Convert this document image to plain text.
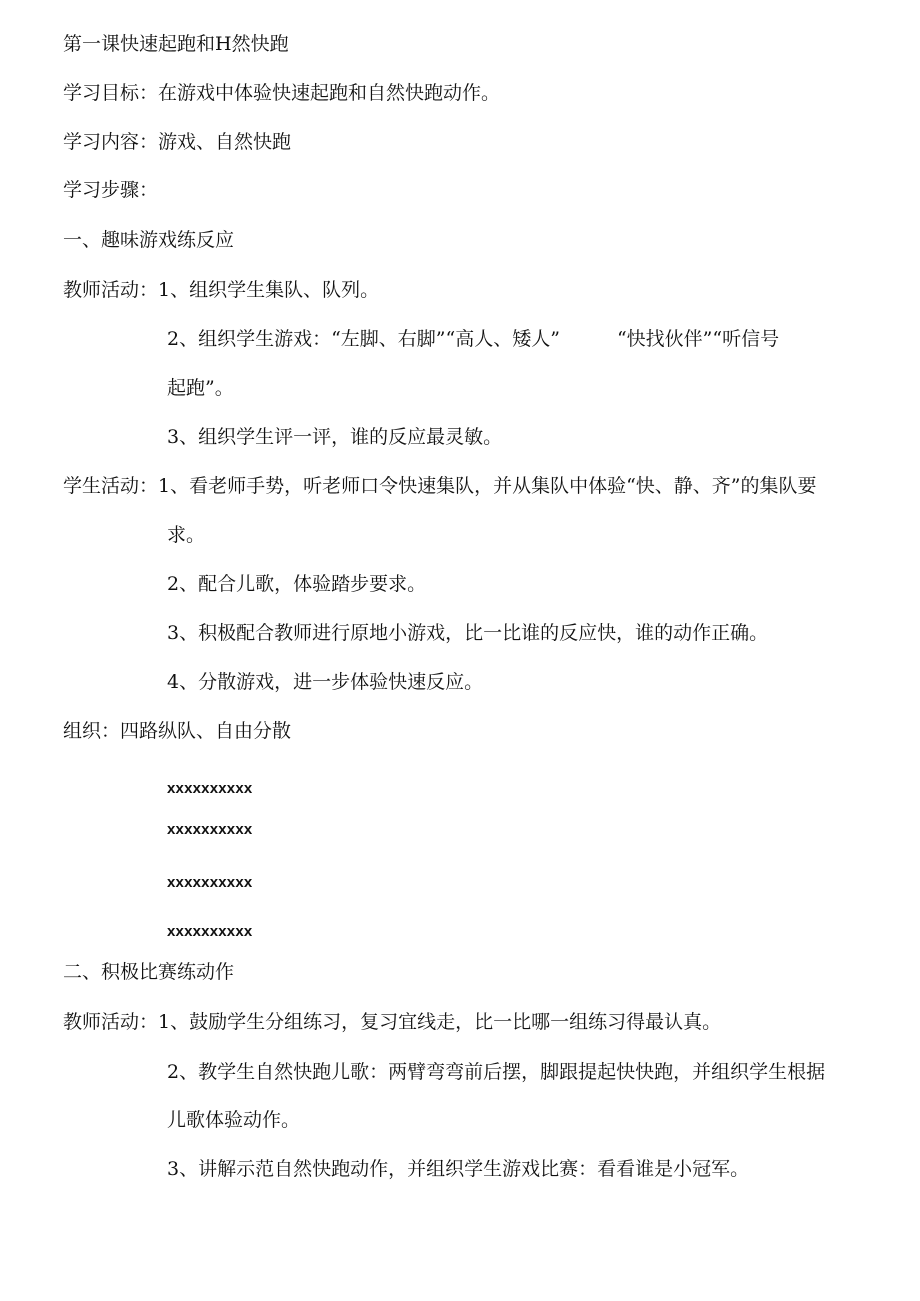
第一课快速起跑和H然快跑
学习目标：在游戏中体验快速起跑和自然快跑动作。
学习内容：游戏、自然快跑
学习步骤：
一、趣味游戏练反应
教师活动：1、组织学生集队、队列。
2、组织学生游戏：“左脚、右脚”“高人、矮人”　　　“快找伙伴”“听信号
起跑”。
3、组织学生评一评，谁的反应最灵敏。
学生活动：1、看老师手势，听老师口令快速集队，并从集队中体验“快、静、齐”的集队要
求。
2、配合儿歌，体验踏步要求。
3、积极配合教师进行原地小游戏，比一比谁的反应快，谁的动作正确。
4、分散游戏，进一步体验快速反应。
组织：四路纵队、自由分散
xxxxxxxxxx
xxxxxxxxxx
xxxxxxxxxx
xxxxxxxxxx
二、积极比赛练动作
教师活动：1、鼓励学生分组练习，复习宜线走，比一比哪一组练习得最认真。
2、教学生自然快跑儿歌：两臂弯弯前后摆，脚跟提起快快跑，并组织学生根据
儿歌体验动作。
3、讲解示范自然快跑动作，并组织学生游戏比赛：看看谁是小冠军。
